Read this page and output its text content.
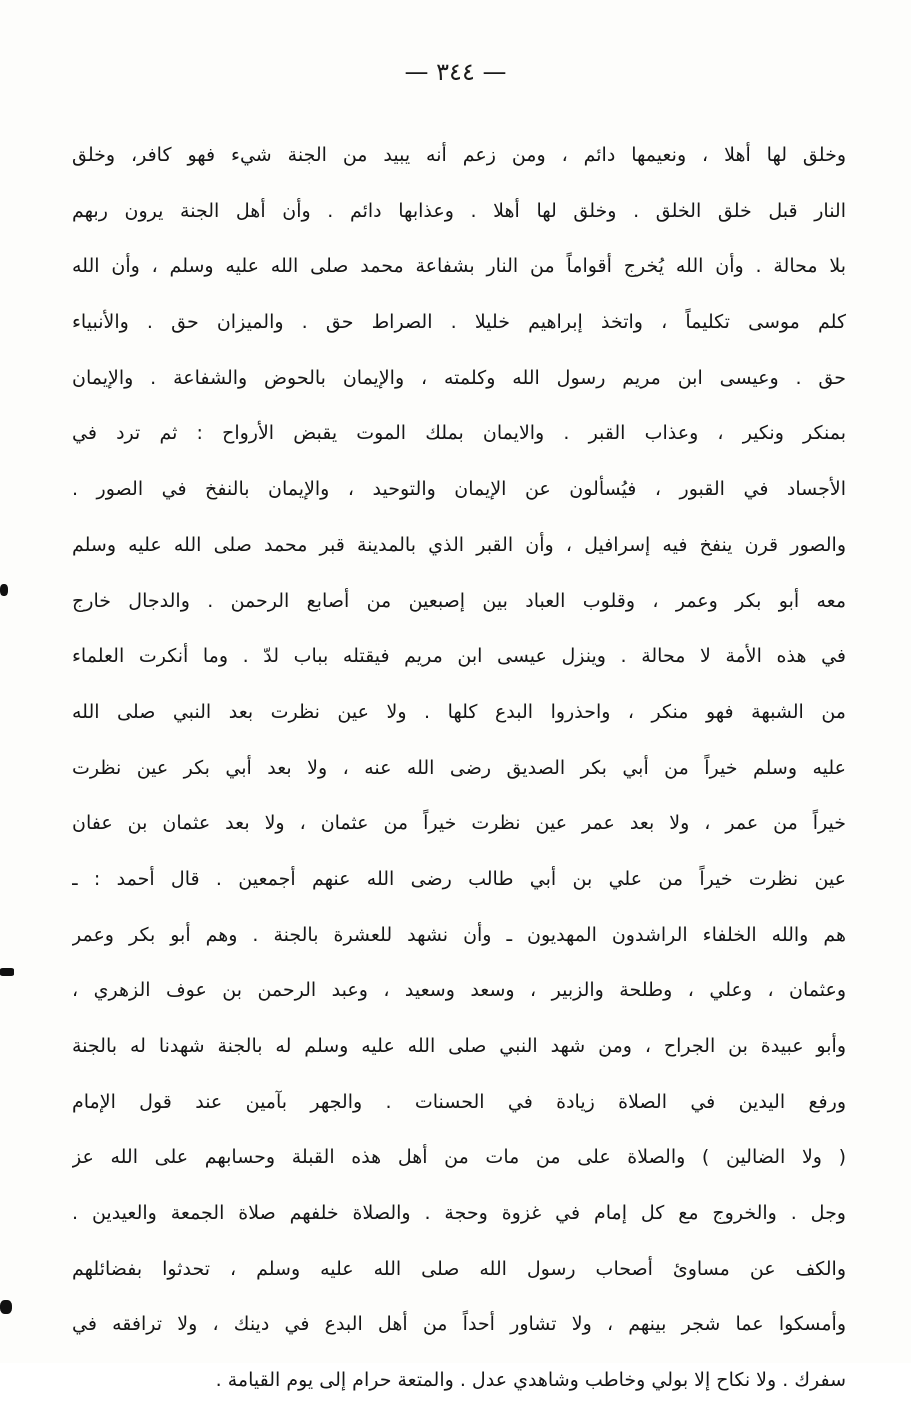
— ٣٤٤ —
وخلق لها أهلا ، ونعيمها دائم ، ومن زعم أنه يبيد من الجنة شيء فهو كافر، وخلق
النار قبل خلق الخلق . وخلق لها أهلا . وعذابها دائم . وأن أهل الجنة يرون ربهم
بلا محالة . وأن الله يُخرج أقواماً من النار بشفاعة محمد صلى الله عليه وسلم ، وأن الله
كلم موسى تكليماً ، واتخذ إبراهيم خليلا . الصراط حق . والميزان حق . والأنبياء
حق . وعيسى ابن مريم رسول الله وكلمته ، والإيمان بالحوض والشفاعة . والإيمان
بمنكر ونكير ، وعذاب القبر . والايمان بملك الموت يقبض الأرواح : ثم ترد في
الأجساد في القبور ، فيُسألون عن الإيمان والتوحيد ، والإيمان بالنفخ في الصور .
والصور قرن ينفخ فيه إسرافيل ، وأن القبر الذي بالمدينة قبر محمد صلى الله عليه وسلم
معه أبو بكر وعمر ، وقلوب العباد بين إصبعين من أصابع الرحمن . والدجال خارج
في هذه الأمة لا محالة . وينزل عيسى ابن مريم فيقتله بباب لدّ . وما أنكرت العلماء
من الشبهة فهو منكر ، واحذروا البدع كلها . ولا عين نظرت بعد النبي صلى الله
عليه وسلم خيراً من أبي بكر الصديق رضى الله عنه ، ولا بعد أبي بكر عين نظرت
خيراً من عمر ، ولا بعد عمر عين نظرت خيراً من عثمان ، ولا بعد عثمان بن عفان
عين نظرت خيراً من علي بن أبي طالب رضى الله عنهم أجمعين . قال أحمد : ـ
هم والله الخلفاء الراشدون المهديون ـ وأن نشهد للعشرة بالجنة . وهم أبو بكر وعمر
وعثمان ، وعلي ، وطلحة والزبير ، وسعد وسعيد ، وعبد الرحمن بن عوف الزهري ،
وأبو عبيدة بن الجراح ، ومن شهد النبي صلى الله عليه وسلم له بالجنة شهدنا له بالجنة
ورفع اليدين في الصلاة زيادة في الحسنات . والجهر بآمين عند قول الإمام
( ولا الضالين ) والصلاة على من مات من أهل هذه القبلة وحسابهم على الله عز
وجل . والخروج مع كل إمام في غزوة وحجة . والصلاة خلفهم صلاة الجمعة والعيدين .
والكف عن مساوئ أصحاب رسول الله صلى الله عليه وسلم ، تحدثوا بفضائلهم
وأمسكوا عما شجر بينهم ، ولا تشاور أحداً من أهل البدع في دينك ، ولا ترافقه في
سفرك . ولا نكاح إلا بولي وخاطب وشاهدي عدل . والمتعة حرام إلى يوم القيامة .
